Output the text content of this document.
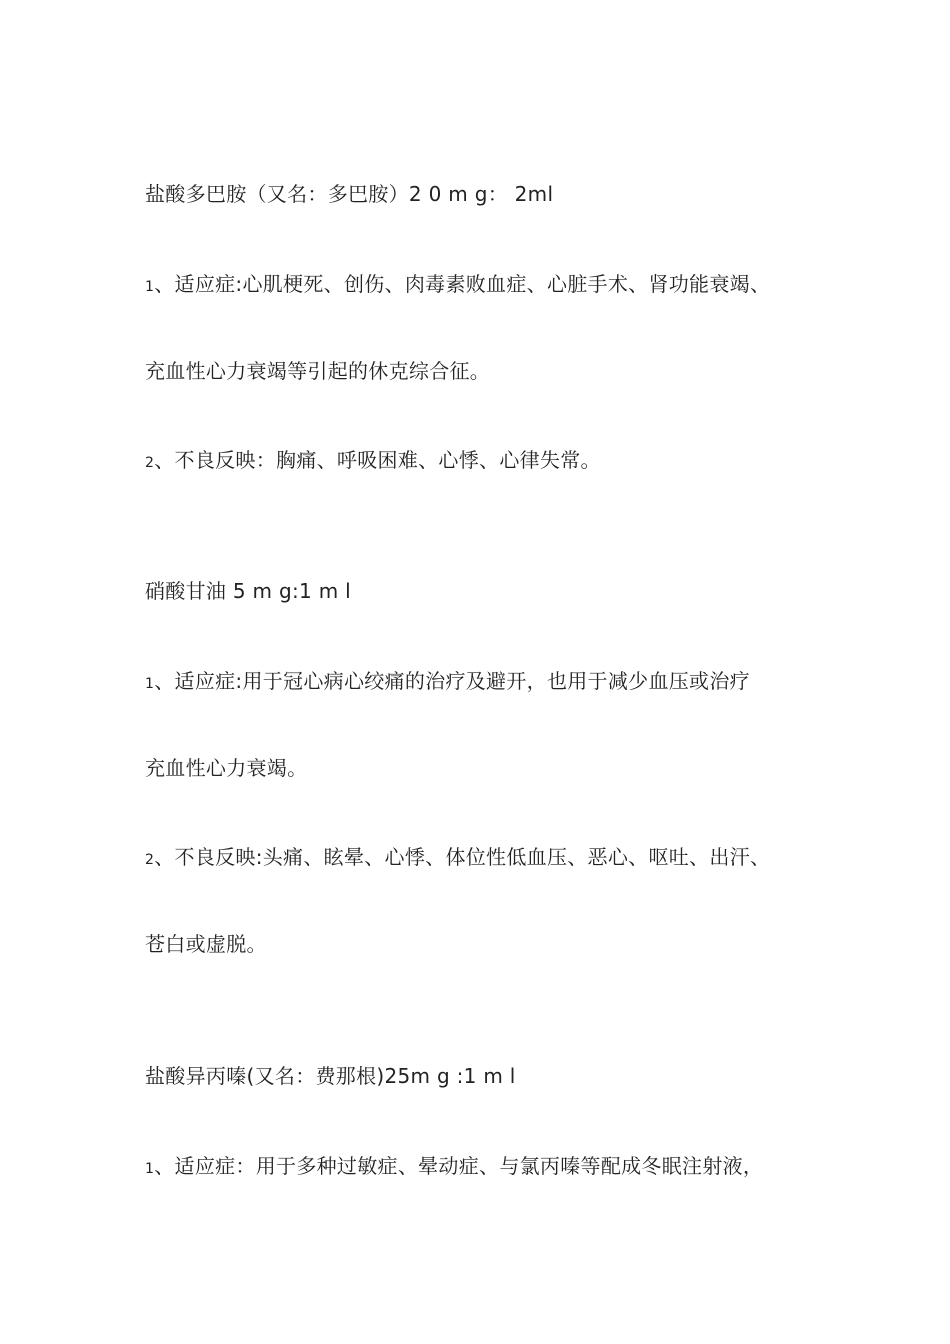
盐酸多巴胺（又名：多巴胺）2 0 m g： 2ml
1、适应症:心肌梗死、创伤、肉毒素败血症、心脏手术、肾功能衰竭、
充血性心力衰竭等引起的休克综合征。
2、不良反映：胸痛、呼吸困难、心悸、心律失常。
硝酸甘油 5 m g:1 m l
1、适应症:用于冠心病心绞痛的治疗及避开，也用于减少血压或治疗
充血性心力衰竭。
2、不良反映:头痛、眩晕、心悸、体位性低血压、恶心、呕吐、出汗、
苍白或虚脱。
盐酸异丙嗪(又名：费那根)25m g :1 m l
1、适应症：用于多种过敏症、晕动症、与氯丙嗪等配成冬眠注射液，
